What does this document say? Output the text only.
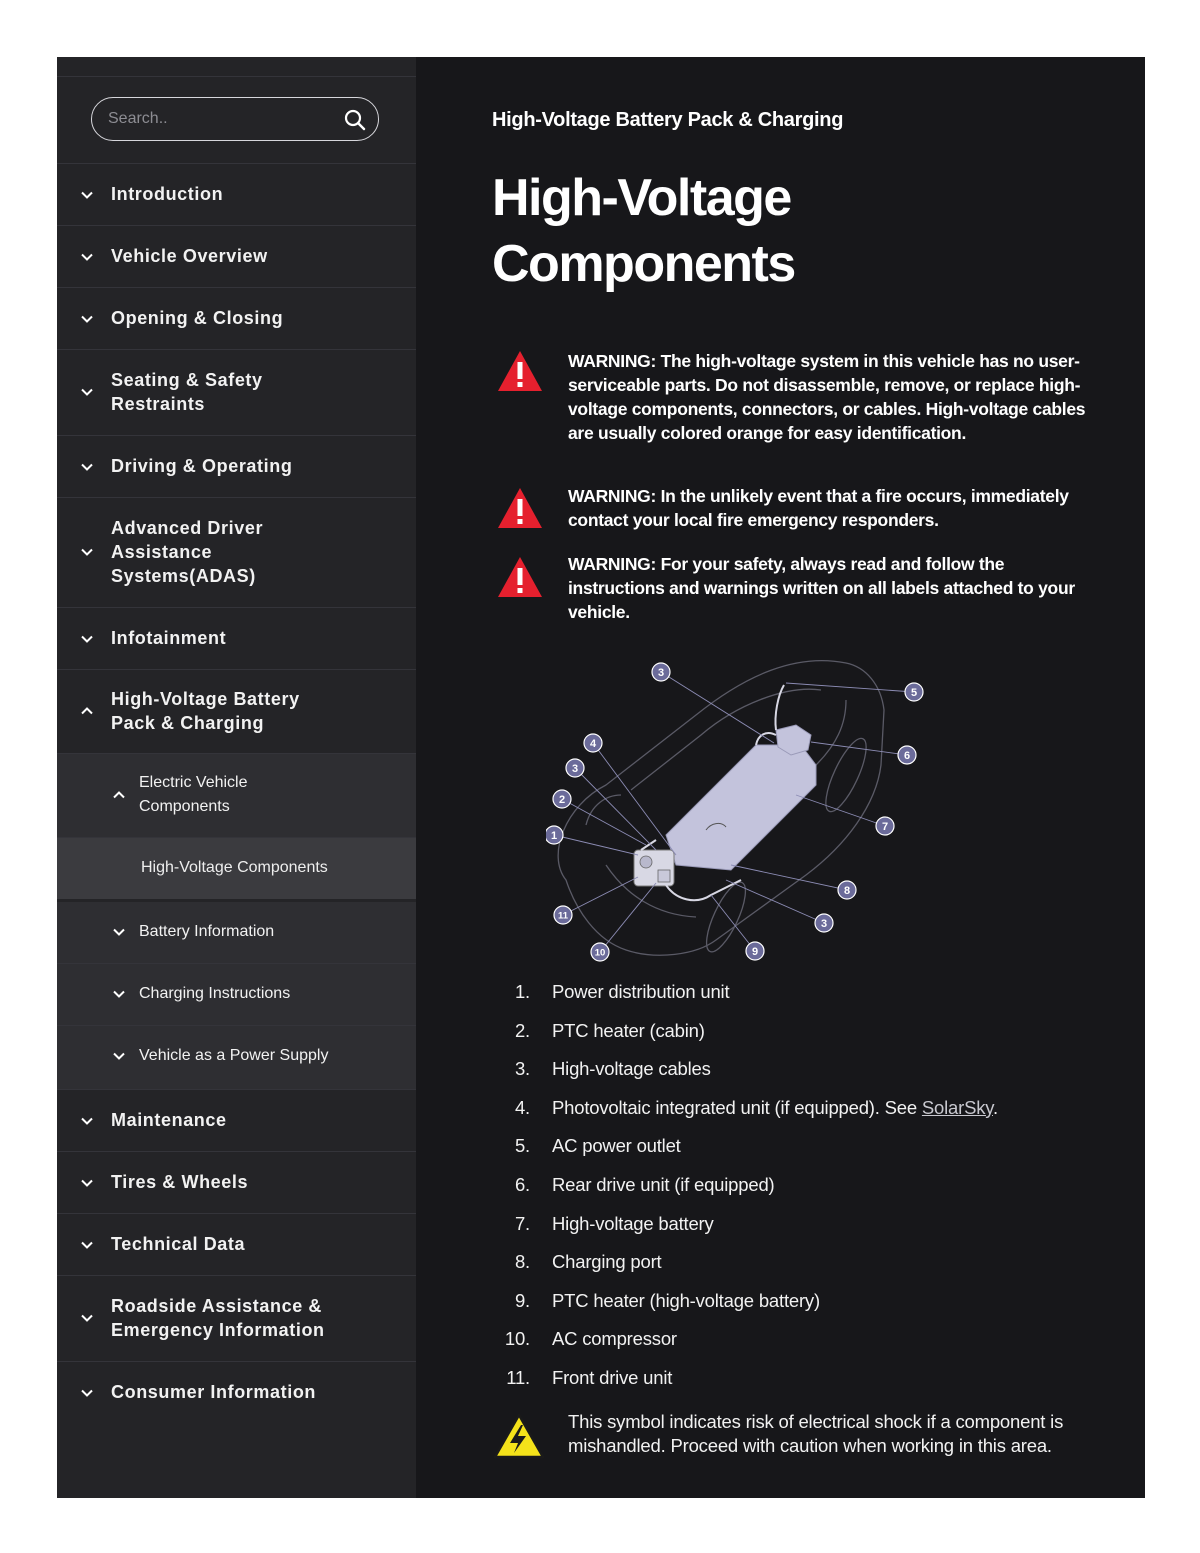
Search..
Introduction
Vehicle Overview
Opening & Closing
Seating & Safety Restraints
Driving & Operating
Advanced Driver Assistance Systems(ADAS)
Infotainment
High-Voltage Battery Pack & Charging
Electric Vehicle Components
High-Voltage Components
Battery Information
Charging Instructions
Vehicle as a Power Supply
Maintenance
Tires & Wheels
Technical Data
Roadside Assistance & Emergency Information
Consumer Information
High-Voltage Battery Pack & Charging
High-Voltage Components
WARNING: The high-voltage system in this vehicle has no user-serviceable parts. Do not disassemble, remove, or replace high-voltage components, connectors, or cables. High-voltage cables are usually colored orange for easy identification.
WARNING: In the unlikely event that a fire occurs, immediately contact your local fire emergency responders.
WARNING: For your safety, always read and follow the instructions and warnings written on all labels attached to your vehicle.
1
2
3
3
3
4
5
6
7
8
9
10
11
1. Power distribution unit
2. PTC heater (cabin)
3. High-voltage cables
4. Photovoltaic integrated unit (if equipped). See SolarSky.
5. AC power outlet
6. Rear drive unit (if equipped)
7. High-voltage battery
8. Charging port
9. PTC heater (high-voltage battery)
10. AC compressor
11. Front drive unit
This symbol indicates risk of electrical shock if a component is mishandled. Proceed with caution when working in this area.
